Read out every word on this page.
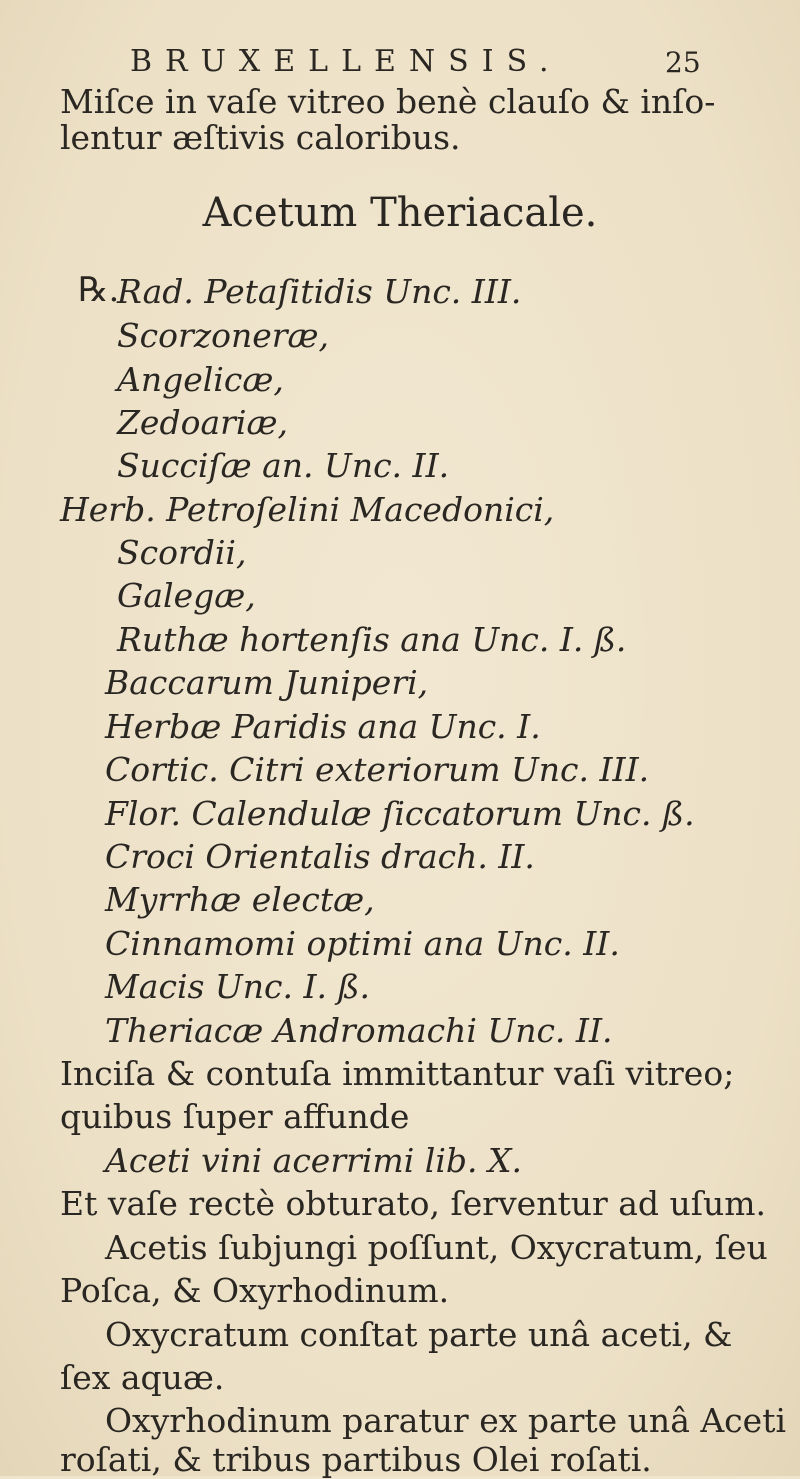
BRUXELLENSIS.	25
Miſce in vaſe vitreo benè clauſo & inſo-
lentur æſtivis caloribus.
Acetum Theriacale.
℞.
Rad. Petaſitidis Unc. III.
Scorzoneræ,
Angelicæ,
Zedoariæ,
Succiſæ an. Unc. II.
Herb. Petroſelini Macedonici,
Scordii,
Galegæ,
Ruthæ hortenſis ana Unc. I. ß.
Baccarum Juniperi,
Herbæ Paridis ana Unc. I.
Cortic. Citri exteriorum Unc. III.
Flor. Calendulæ ſiccatorum Unc. ß.
Croci Orientalis drach. II.
Myrrhæ electæ,
Cinnamomi optimi ana Unc. II.
Macis Unc. I. ß.
Theriacæ Andromachi Unc. II.
Inciſa & contuſa immittantur vaſi vitreo;
quibus ſuper affunde
Aceti vini acerrimi lib. X.
Et vaſe rectè obturato, ſerventur ad uſum.
Acetis ſubjungi poſſunt, Oxycratum, ſeu
Poſca, & Oxyrhodinum.
Oxycratum conſtat parte unâ aceti, &
ſex aquæ.
Oxyrhodinum paratur ex parte unâ Aceti
roſati, & tribus partibus Olei roſati.
